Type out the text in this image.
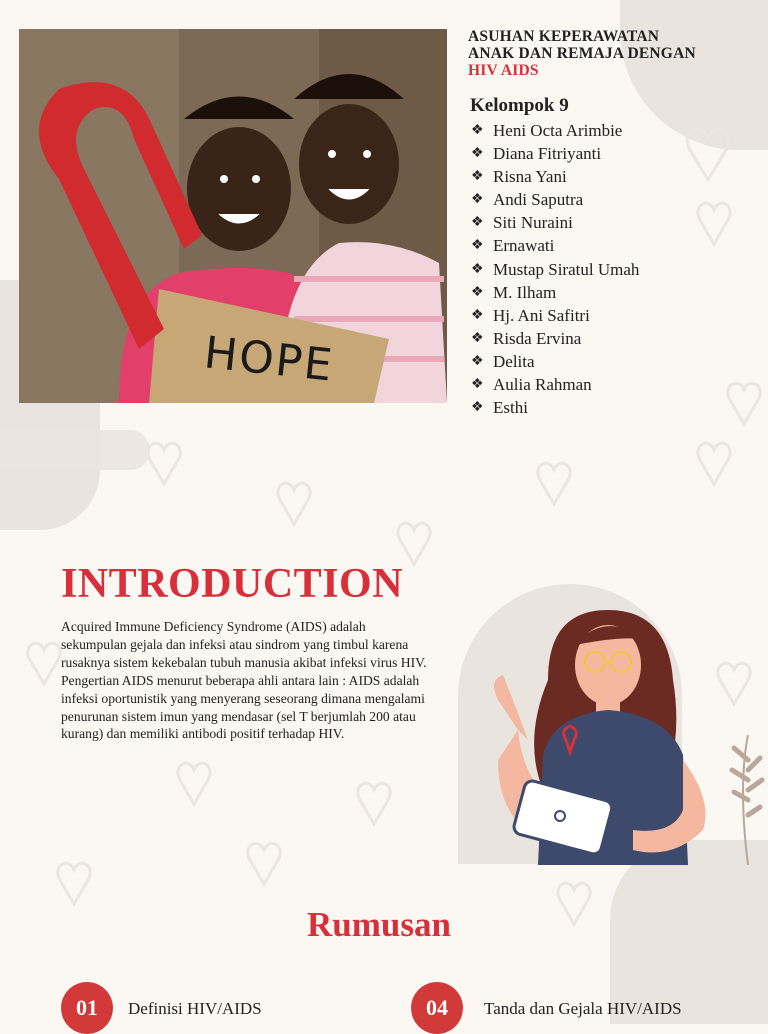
HOPE
ASUHAN KEPERAWATAN
ANAK DAN REMAJA DENGAN
HIV AIDS
Kelompok 9
❖ Heni Octa Arimbie
❖ Diana Fitriyanti
❖ Risna Yani
❖ Andi Saputra
❖ Siti Nuraini
❖ Ernawati
❖ Mustap Siratul Umah
❖ M. Ilham
❖ Hj. Ani Safitri
❖ Risda Ervina
❖ Delita
❖ Aulia Rahman
❖ Esthi
INTRODUCTION
Acquired Immune Deficiency Syndrome (AIDS) adalah sekumpulan gejala dan infeksi atau sindrom yang timbul karena rusaknya sistem kekebalan tubuh manusia akibat infeksi virus HIV. Pengertian AIDS menurut beberapa ahli antara lain : AIDS adalah infeksi oportunistik yang menyerang seseorang dimana mengalami penurunan sistem imun yang mendasar (sel T berjumlah 200 atau kurang) dan memiliki antibodi positif terhadap HIV.
Rumusan
01	Definisi HIV/AIDS	04	Tanda dan Gejala HIV/AIDS
